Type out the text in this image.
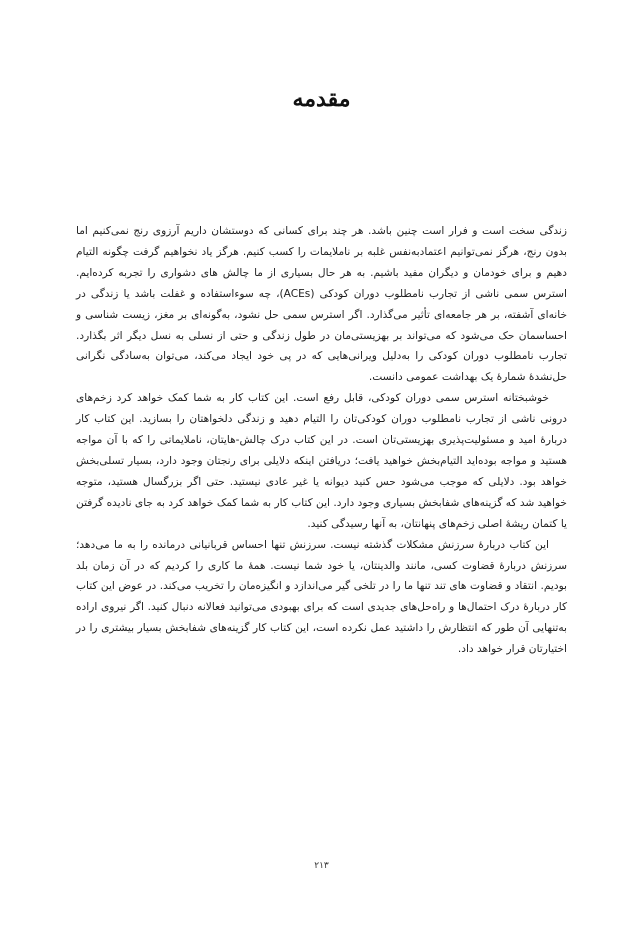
مقدمه

زندگی سخت است و فرار است چنین باشد. هر چند برای کسانی که دوستشان داریم آرزوی رنج نمی‌کنیم اما بدون رنج، هرگز نمی‌توانیم اعتمادبه‌نفس غلبه بر ناملایمات را کسب کنیم. هرگز یاد نخواهیم گرفت چگونه التیام دهیم و برای خودمان و دیگران مفید باشیم. به هر حال بسیاری از ما چالش های دشواری را تجربه کرده‌ایم. استرس سمی ناشی از تجارب نامطلوب دوران کودکی (ACEs)، چه سوءاستفاده و غفلت باشد یا زندگی در خانه‌ای آشفته، بر هر جامعه‌ای تأثیر می‌گذارد. اگر استرس سمی حل نشود، به‌گونه‌ای بر مغز، زیست شناسی و احساسمان حک می‌شود که می‌تواند بر بهزیستی‌مان در طول زندگی و حتی از نسلی به نسل دیگر اثر بگذارد. تجارب نامطلوب دوران کودکی را به‌دلیل ویرانی‌هایی که در پی خود ایجاد می‌کند، می‌توان به‌سادگی نگرانی حل‌نشدهٔ شمارهٔ یک بهداشت عمومی دانست.

خوشبختانه استرس سمی دوران کودکی، قابل رفع است. این کتاب کار به شما کمک خواهد کرد زخم‌های درونی ناشی از تجارب نامطلوب دوران کودکی‌تان را التیام دهید و زندگی دلخواهتان را بسازید. این کتاب کار دربارهٔ امید و مسئولیت‌پذیری بهزیستی‌تان است. در این کتاب درک چالش-هایتان، ناملایماتی را که با آن مواجه هستید و مواجه بوده‌اید التیام‌بخش خواهید یافت؛ دریافتن اینکه دلایلی برای رنجتان وجود دارد، بسیار تسلی‌بخش خواهد بود. دلایلی که موجب می‌شود حس کنید دیوانه یا غیر عادی نیستید. حتی اگر بزرگسال هستید، متوجه خواهید شد که گزینه‌های شفابخش بسیاری وجود دارد. این کتاب کار به شما کمک خواهد کرد به جای نادیده گرفتن یا کتمان ریشهٔ اصلی زخم‌های پنهانتان، به آنها رسیدگی کنید.

این کتاب دربارهٔ سرزنش مشکلات گذشته نیست. سرزنش تنها احساس قربانیانی درمانده را به ما می‌دهد؛ سرزنش دربارهٔ قضاوت کسی، مانند والدینتان، یا خود شما نیست. همهٔ ما کاری را کردیم که در آن زمان بلد بودیم. انتقاد و قضاوت های تند تنها ما را در تلخی گیر می‌اندازد و انگیزه‌مان را تخریب می‌کند. در عوض این کتاب کار دربارهٔ درک احتمال‌ها و راه‌حل‌های جدیدی است که برای بهبودی می‌توانید فعالانه دنبال کنید. اگر نیروی اراده به‌تنهایی آن طور که انتظارش را داشتید عمل نکرده است، این کتاب کار گزینه‌های شفابخش بسیار بیشتری را در اختیارتان قرار خواهد داد.

۲۱۳
